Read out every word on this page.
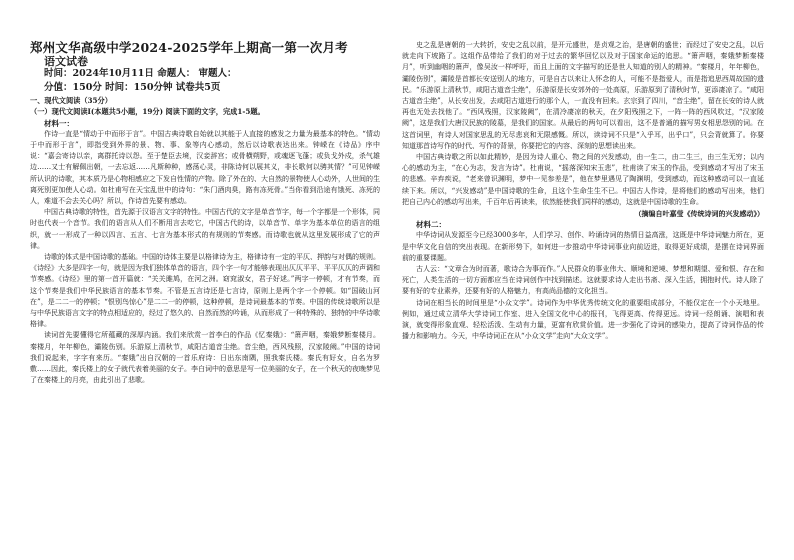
郑州文华高级中学2024-2025学年上期高一第一次月考

语文试卷

时间：2024年10月11日 命题人： 审题人：

分值：150分 时间：150分钟 试卷共5页

一、现代文阅读（35分）

（一）现代文阅读Ⅰ(本题共5小题，19分) 阅读下面的文字，完成1-5题。

材料一：

作诗一直是“情动于中而形于言”。中国古典诗歌自始就以其能于人直接的感发之力量为最基本的特色。“情动于中而形于言”，即指受到外界的景、物、事、象等内心感动，然后以诗歌表达出来。钟嵘在《诗品》序中说：“嘉会寄诗以亲，离群托诗以怨。至于楚臣去境，汉妾辞宫；或骨横朔野，或魂逐飞蓬；或负戈外戍，杀气雄边……又士有解佩出朝，一去忘返……凡斯种种，感荡心灵，非陈诗何以展其义，非长歌何以骋其情？”可见钟嵘所认识的诗歌，其本质乃是心物相感应之下发自性情的产物。除了外在的、大自然的景物使人心动外，人世间的生离死别更加使人心动。如杜甫写在天宝乱世中的诗句：“朱门酒肉臭，路有冻死骨。”当你看到沿途有饿死、冻死的人，难道不会去关心吗？所以，作诗首先要有感动。

中国古典诗歌的特性，首先源于汉语言文字的特性。中国古代的文字是单音节字，每一个字都是一个形体，同时也代表一个音节。我们的语言从人们不断用言去吃它，中国古代的诗，以单音节、单字为基本单位的语言的组织，就一一形成了一种以四言、五言、七言为基本形式的有规则的节奏感。而诗歌也就从这里发展形成了它的声律。

诗歌的体式是中国诗歌的基础。中国的诗体主要是以格律诗为主，格律诗有一定的平仄、押韵与对偶的规则。《诗经》大多是四字一句，就是因为我们独体单音的语言，四个字一句才能够表现出仄仄平平、平平仄仄的声调和节奏感。《诗经》里的第一首开篇就：“关关雎鸠，在河之洲。窈窕淑女，君子好逑。”两字一停顿，才有节奏，而这个节奏是我们中华民族语言的基本节奏。不管是五言诗还是七言诗，原则上是两个字一个停顿。如“国破山河在”，是二二一的停顿；“恨别鸟惊心”是二二一的停顿，这种停顿，是诗词最基本的节奏。中国的传统诗歌所以是与中华民族语言文字的特点相适应的，经过了悠久的、自然而然的吟诵，从而形成了一种特殊的、独特的中华诗歌格律。

读词首先要懂得它所蕴藏的深厚内涵。我们来欣赏一首李白的作品《忆秦娥》：“箫声咽，秦娥梦断秦楼月。秦楼月，年年柳色，灞陵伤别。乐游原上清秋节，咸阳古道音尘绝。音尘绝，西风残照，汉家陵阙。”中国的诗词我们说起来，字字有来历。“秦娥”出自汉朝的一首乐府诗：日出东南隅，照我秦氏楼。秦氏有好女，自名为罗敷……因此，秦氏楼上的女子就代表着美丽的女子。李白词中的意思是写一位美丽的女子，在一个秋天的夜晚梦见了在秦楼上的月亮，由此引出了悲歌。

史之乱是唐朝的一大转折，安史之乱以前，是开元盛世，是贞观之治，是唐朝的盛世；而经过了安史之乱，以后就走向下坡路了。这组作品带给了我们的对于过去的繁华回忆以及对于国家命运的追思。“箫声咽，秦娥梦断秦楼月”，听到幽咽的箫声，像吴汝一样呼吁，而且上面的文字描写的还是世人知道的别人的精神。“秦楼月，年年柳色，灞陵伤别”，灞陵是首都长安送别人的地方，可是自古以来让人怀念的人，可能不是指爱人，而是指追思西周故国的遗民。“乐游原上清秋节，咸阳古道音尘绝”，乐游原是长安郊外的一处高原，乐游原到了清秋时节，更添凄凉了。“咸阳古道音尘绝”，从长安出发，去咸阳古道进行的那个人，一直没有回来。玄宗到了四川，“音尘绝”，留在长安的诗人就再也无处去找他了。“西风残照，汉家陵阙”，在清冷凄凉的秋天，在夕阳残照之下，一阵一阵的西风吹过，“汉家陵阙”，这是我们大唐汉民族的陵墓，是我们的国家。从最后的两句可以看出，这不是普通的描写男女相思怨别的词。在这首词里，有诗人对国家思乱的无尽悲哀和无限感慨。所以，读诗词不只是“入乎耳，出乎口”，只会背就算了。你要知道那首诗写作的时代、写作的背景，你要把它的内容、深刻的思想读出来。

中国古典诗歌之所以如此精妙，是因为诗人重心、物之间的兴发感动，由一生二，由二生三，由三生无穷；以内心的感动为主，“在心为志，发言为诗”。杜甫说，“摇落深知宋玉悲”，杜甫读了宋玉的作品，受到感动才写出了宋玉的悲感。辛弃疾说，“老来曾识渊明，梦中一见参差是”，他在梦里遇见了陶渊明，受到感动，而这种感动可以一直延续下来。所以，“兴发感动”是中国诗歌的生命，且这个生命生生不已。中国古人作诗，是将他们的感动写出来，他们把自己内心的感动写出来，千百年后再读来，依然能使我们同样的感动，这就是中国诗歌的生命。

（摘编自叶嘉莹《传统诗词的兴发感动》）

材料二：

中华诗词从发源至今已经3000多年，人们学习、创作、吟诵诗词的热情日益高涨，这既是中华诗词魅力所在，更是中华文化自信的突出表现。在新形势下，如何进一步推动中华诗词事业向前迈进，取得更好成绩，是摆在诗词界面前的重要课题。

古人云：“文章合为时而著，歌诗合为事而作。”人民群众的事业伟大、顺境和逆境、梦想和期望、爱和恨、存在和死亡，人类生活的一切方面都应当在诗词创作中找到描述。这就要求诗人走出书斋、深入生活，拥抱时代。诗人除了要有好的专业素养，还要有好的人格魅力，有高尚品德的文化担当。

诗词在相当长的时间里是“小众文学”。诗词作为中华优秀传统文化的重要组成部分，不能仅定在一个小天地里。例如，通过成立清华大学诗词工作室、进入全国文化中心的报刊，飞得更高、传得更远。诗词一经朗诵、演唱和表演，就变得形象直观、轻松活泼、生动有力量，更富有欣赏价值。进一步强化了诗词的感染力，提高了诗词作品的传播力和影响力。今天，中华诗词正在从“小众文学”走向“大众文学”。
